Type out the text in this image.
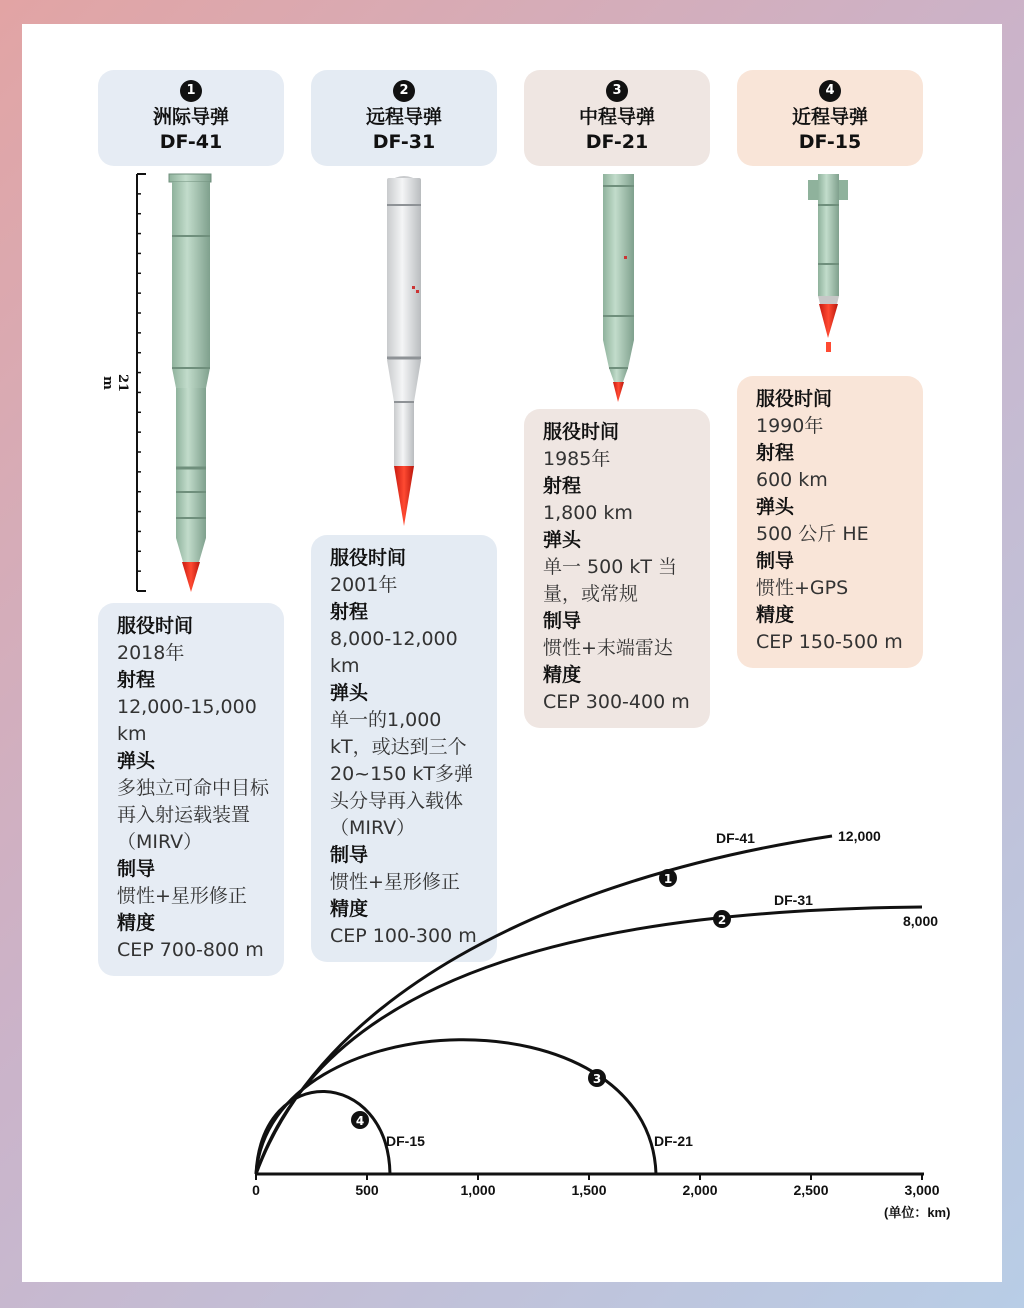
21 m
1
洲际导弹
DF-41
2
远程导弹
DF-31
3
中程导弹
DF-21
4
近程导弹
DF-15
服役时间
2018年
射程
12,000-15,000 km
弹头
多独立可命中目标再入射运载装置（MIRV）
制导
惯性+星形修正
精度
CEP 700-800 m
服役时间
2001年
射程
8,000-12,000 km
弹头
单一的1,000 kT，或达到三个20~150 kT多弹头分导再入载体（MIRV）
制导
惯性+星形修正
精度
CEP 100-300 m
服役时间
1985年
射程
1,800 km
弹头
单一 500 kT 当量，或常规
制导
惯性+末端雷达
精度
CEP 300-400 m
服役时间
1990年
射程
600 km
弹头
500 公斤 HE
制导
惯性+GPS
精度
CEP 150-500 m
0	500	1,000	1,500	2,000	2,500	3,000
1
2
3
4
DF-41	12,000
DF-31
8,000
DF-21
DF-15
(单位：km)
